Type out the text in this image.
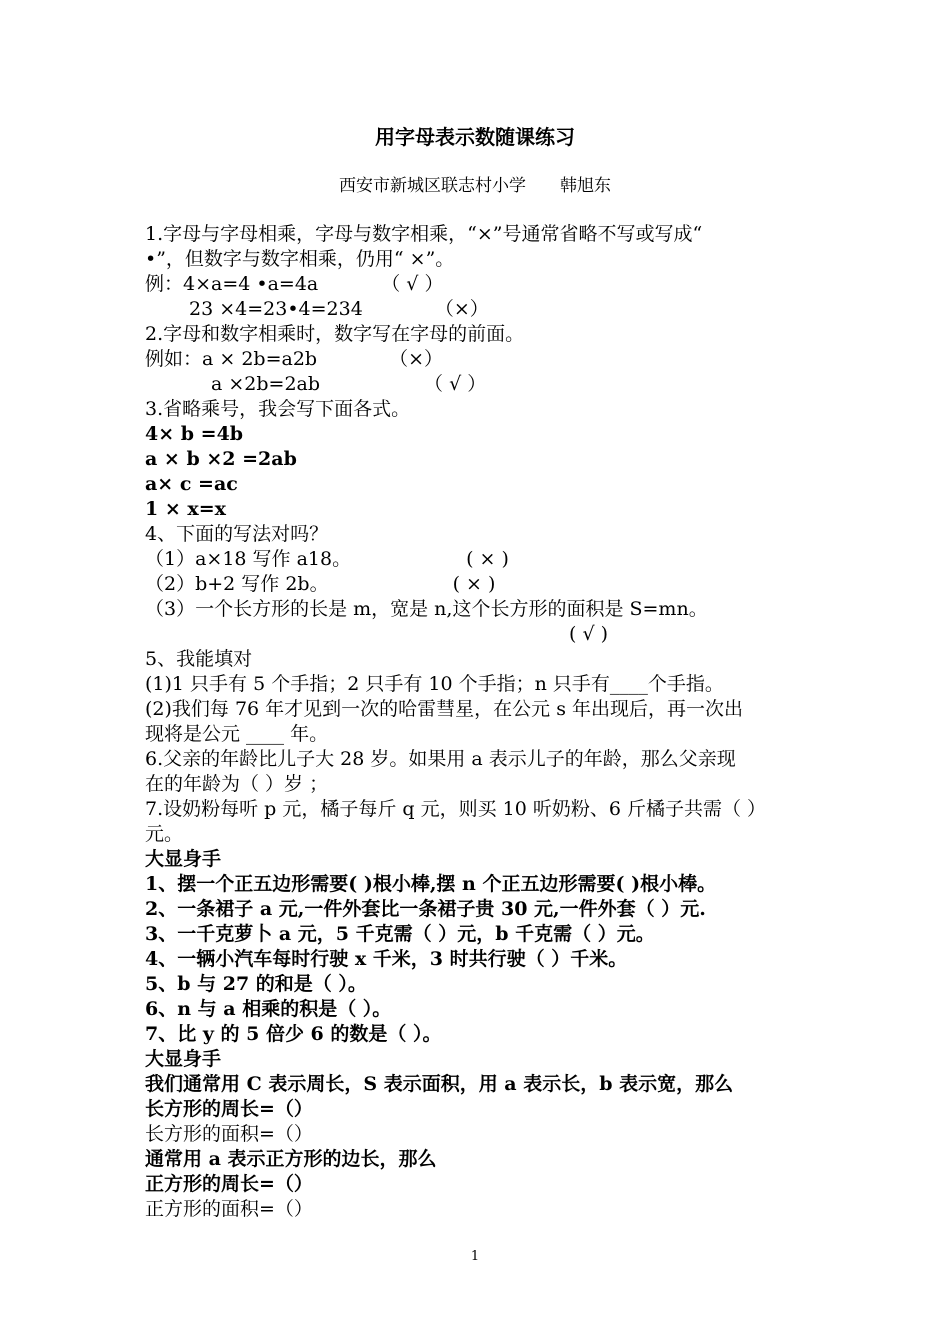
用字母表示数随课练习
西安市新城区联志村小学　　韩旭东
1.字母与字母相乘，字母与数字相乘，“×”号通常省略不写或写成“
•”，但数字与数字相乘，仍用“ ×”。
例：4×a=4 •a=4a	（ √ ）
23 ×4=23•4=234	（×）
2.字母和数字相乘时，数字写在字母的前面。
例如：a × 2b=a2b	（×）
a ×2b=2ab	（ √ ）
3.省略乘号，我会写下面各式。
4× b =4b
a × b ×2 =2ab
a× c =ac
1 × x=x
4、下面的写法对吗？
（1）a×18 写作 a18。	( × )
（2）b+2 写作 2b。	( × )
（3）一个长方形的长是 m，宽是 n,这个长方形的面积是 S=mn。
( √ )
5、我能填对
(1)1 只手有 5 个手指；2 只手有 10 个手指；n 只手有____个手指。
(2)我们每 76 年才见到一次的哈雷彗星，在公元 s 年出现后，再一次出
现将是公元 ____ 年。
6.父亲的年龄比儿子大 28 岁。如果用 a 表示儿子的年龄，那么父亲现
在的年龄为（ ）岁 ；
7.设奶粉每听 p 元，橘子每斤 q 元，则买 10 听奶粉、6 斤橘子共需（ ）
元。
大显身手
1、摆一个正五边形需要( )根小棒,摆 n 个正五边形需要( )根小棒。
2、一条裙子 a 元,一件外套比一条裙子贵 30 元,一件外套（ ）元.
3、一千克萝卜 a 元，5 千克需（ ）元，b 千克需（ ）元。
4、一辆小汽车每时行驶 x 千米，3 时共行驶（ ）千米。
5、b 与 27 的和是（ ）。
6、n 与 a 相乘的积是（ ）。
7、比 y 的 5 倍少 6 的数是（ ）。
大显身手
我们通常用 C 表示周长，S 表示面积，用 a 表示长，b 表示宽，那么
长方形的周长=（）
长方形的面积=（）
通常用 a 表示正方形的边长，那么
正方形的周长=（）
正方形的面积=（）
1
